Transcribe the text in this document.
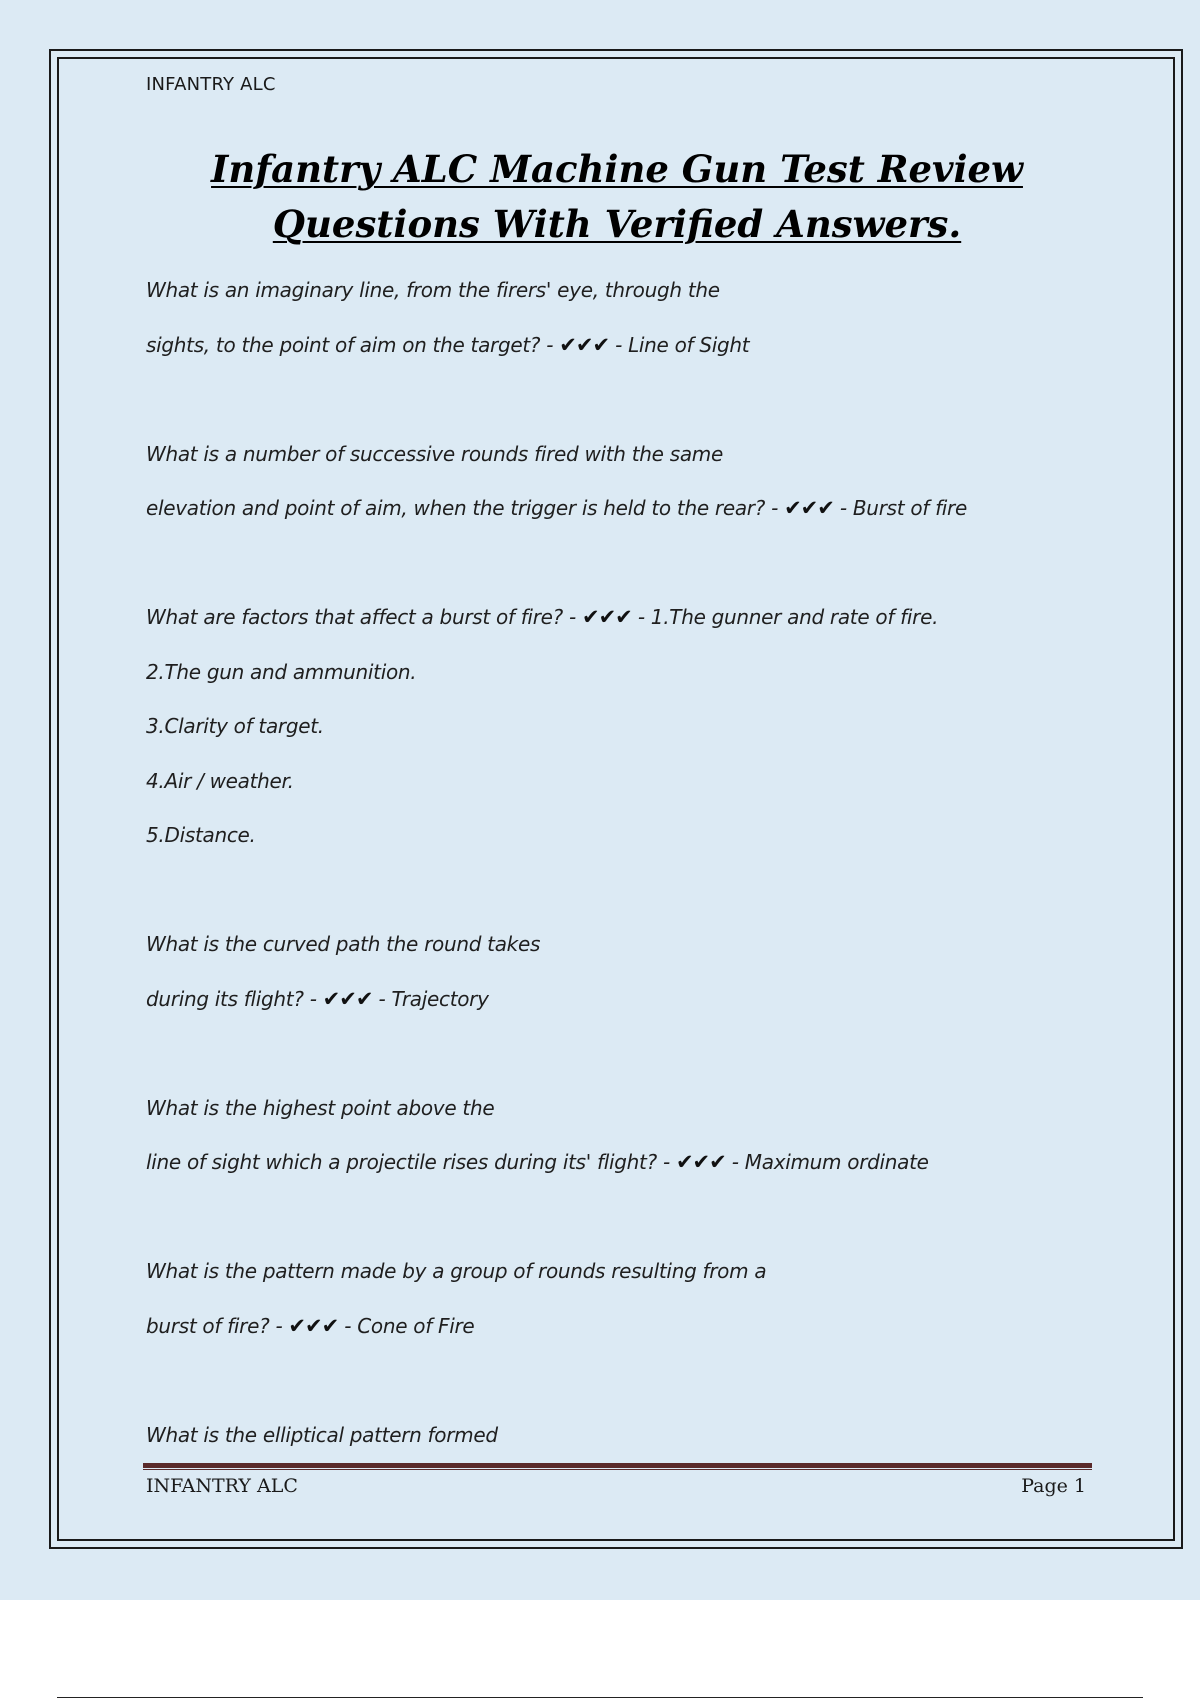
INFANTRY ALC
Infantry ALC Machine Gun Test Review
Questions With Verified Answers.
What is an imaginary line, from the firers' eye, through the
sights, to the point of aim on the target? - ✔✔✔ - Line of Sight
What is a number of successive rounds fired with the same
elevation and point of aim, when the trigger is held to the rear? - ✔✔✔ - Burst of fire
What are factors that affect a burst of fire? - ✔✔✔ - 1.The gunner and rate of fire.
2.The gun and ammunition.
3.Clarity of target.
4.Air / weather.
5.Distance.
What is the curved path the round takes
during its flight? - ✔✔✔ - Trajectory
What is the highest point above the
line of sight which a projectile rises during its' flight? - ✔✔✔ - Maximum ordinate
What is the pattern made by a group of rounds resulting from a
burst of fire? - ✔✔✔ - Cone of Fire
What is the elliptical pattern formed
INFANTRY ALC	Page 1
